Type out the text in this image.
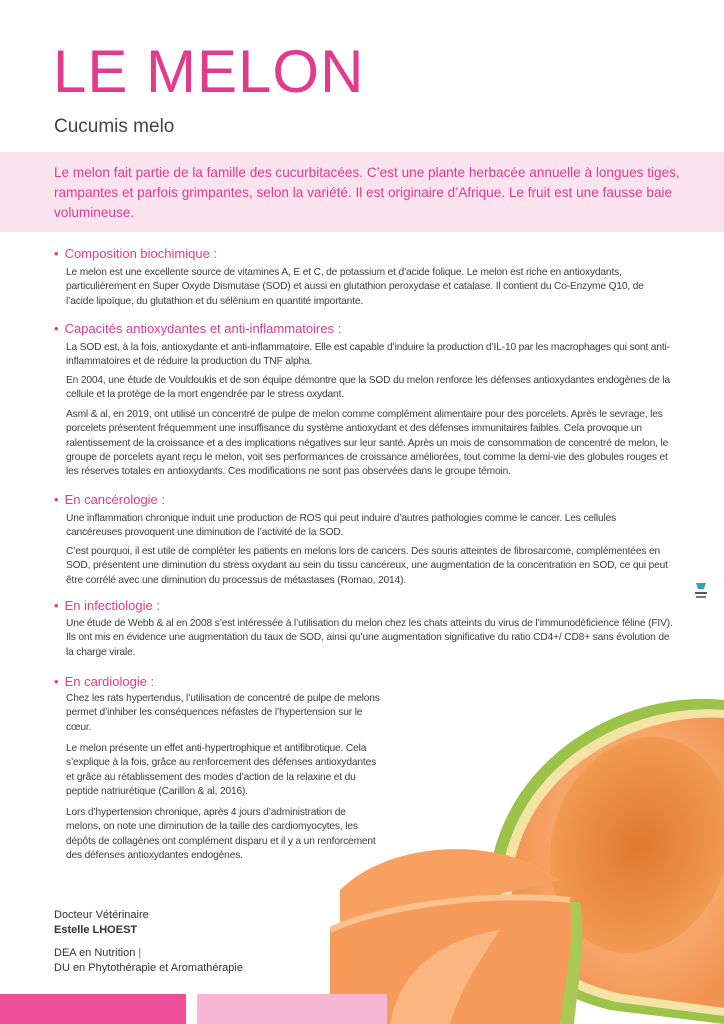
LE MELON
Cucumis melo
Le melon fait partie de la famille des cucurbitacées. C’est une plante herbacée annuelle à longues tiges, rampantes et parfois grimpantes, selon la variété. Il est originaire d’Afrique. Le fruit est une fausse baie volumineuse.
• Composition biochimique :

Le melon est une excellente source de vitamines A, E et C, de potassium et d’acide folique. Le melon est riche en antioxydants, particulièrement en Super Oxyde Dismutase (SOD) et aussi en glutathion peroxydase et catalase. Il contient du Co-Enzyme Q10, de l’acide lipoïque, du glutathion et du sélénium en quantité importante.

• Capacités antioxydantes et anti-inflammatoires :

La SOD est, à la fois, antioxydante et anti-inflammatoire. Elle est capable d’induire la production d’IL-10 par les macrophages qui sont anti-inflammatoires et de réduire la production du TNF alpha.

En 2004, une étude de Vouldoukis et de son équipe démontre que la SOD du melon renforce les défenses antioxydantes endogènes de la cellule et la protège de la mort engendrée par le stress oxydant.

Asml & al, en 2019, ont utilisé un concentré de pulpe de melon comme complément alimentaire pour des porcelets. Après le sevrage, les porcelets présentent fréquemment une insuffisance du système antioxydant et des défenses immunitaires faibles. Cela provoque un ralentissement de la croissance et a des implications négatives sur leur santé. Après un mois de consommation de concentré de melon, le groupe de porcelets ayant reçu le melon, voit ses performances de croissance améliorées, tout comme la demi-vie des globules rouges et les réserves totales en antioxydants. Ces modifications ne sont pas observées dans le groupe témoin.

• En cancérologie :

Une inflammation chronique induit une production de ROS qui peut induire d’autres pathologies comme le cancer. Les cellules cancéreuses provoquent une diminution de l’activité de la SOD.

C’est pourquoi, il est utile de compléter les patients en melons lors de cancers. Des souris atteintes de fibrosarcome, complémentées en SOD, présentent une diminution du stress oxydant au sein du tissu cancéreux, une augmentation de la concentration en SOD, ce qui peut être corrélé avec une diminution du processus de métastases (Romao, 2014).

• En infectiologie :

Une étude de Webb & al en 2008 s’est intéressée à l’utilisation du melon chez les chats atteints du virus de l’immunodéficience féline (FIV). Ils ont mis en évidence une augmentation du taux de SOD, ainsi qu’une augmentation significative du ratio CD4+/ CD8+ sans évolution de la charge virale.

• En cardiologie :

Chez les rats hypertendus, l’utilisation de concentré de pulpe de melons permet d’inhiber les conséquences néfastes de l’hypertension sur le cœur.

Le melon présente un effet anti-hypertrophique et antifibrotique. Cela s’explique à la fois, grâce au renforcement des défenses antioxydantes et grâce au rétablissement des modes d’action de la relaxine et du peptide natriurétique (Carillon & al, 2016).

Lors d’hypertension chronique, après 4 jours d’administration de melons, on note une diminution de la taille des cardiomyocytes, les dépôts de collagènes ont complément disparu et il y a un renforcement des défenses antioxydantes endogènes.

Docteur Vétérinaire
Estelle LHOEST
DEA en Nutrition |
DU en Phytothérapie et Aromathérapie
